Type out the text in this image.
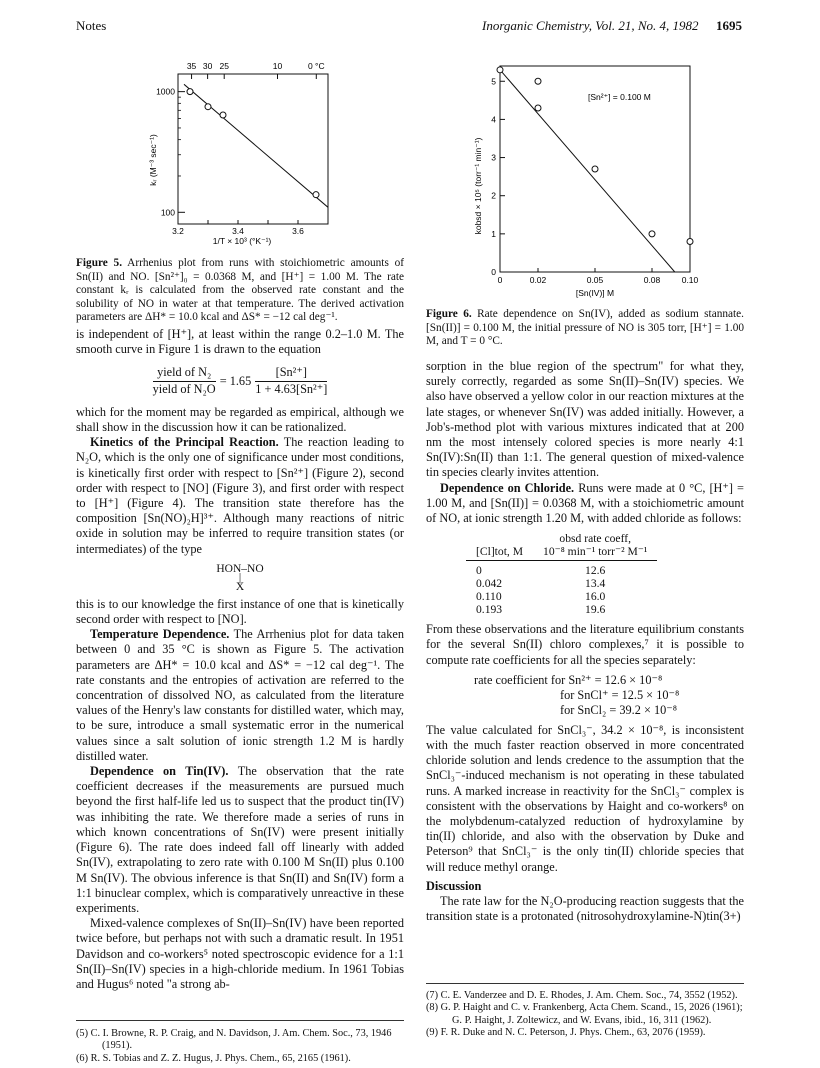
Notes	Inorganic Chemistry, Vol. 21, No. 4, 1982 1695
35 30 25	10	0 °C
100
1000
3.2	3.4	3.6
1/T × 10³ (°K⁻¹)
kᵣ (M⁻³ sec⁻¹)
Figure 5. Arrhenius plot from runs with stoichiometric amounts of Sn(II) and NO. [Sn²⁺]₀ = 0.0368 M, and [H⁺] = 1.00 M. The rate constant kᵣ is calculated from the observed rate constant and the solubility of NO in water at that temperature. The derived activation parameters are ΔH* = 10.0 kcal and ΔS* = −12 cal deg⁻¹.

is independent of [H⁺], at least within the range 0.2–1.0 M. The smooth curve in Figure 1 is drawn to the equation

yield of N₂
yield of N₂O
= 1.65
[Sn²⁺]
1 + 4.63[Sn²⁺]

which for the moment may be regarded as empirical, although we shall show in the discussion how it can be rationalized.

Kinetics of the Principal Reaction. The reaction leading to N₂O, which is the only one of significance under most conditions, is kinetically first order with respect to [Sn²⁺] (Figure 2), second order with respect to [NO] (Figure 3), and first order with respect to [H⁺] (Figure 4). The transition state therefore has the composition [Sn(NO)₂H]³⁺. Although many reactions of nitric oxide in solution may be inferred to require transition states (or intermediates) of the type

HON–NO
|
X

this is to our knowledge the first instance of one that is kinetically second order with respect to [NO].

Temperature Dependence. The Arrhenius plot for data taken between 0 and 35 °C is shown as Figure 5. The activation parameters are ΔH* = 10.0 kcal and ΔS* = −12 cal deg⁻¹. The rate constants and the entropies of activation are referred to the concentration of dissolved NO, as calculated from the literature values of the Henry's law constants for distilled water, which may, to be sure, introduce a small systematic error in the numerical values since a salt solution of ionic strength 1.2 M is hardly distilled water.

Dependence on Tin(IV). The observation that the rate coefficient decreases if the measurements are pursued much beyond the first half-life led us to suspect that the product tin(IV) was inhibiting the rate. We therefore made a series of runs in which known concentrations of Sn(IV) were present initially (Figure 6). The rate does indeed fall off linearly with added Sn(IV), extrapolating to zero rate with 0.100 M Sn(II) plus 0.100 M Sn(IV). The obvious inference is that Sn(II) and Sn(IV) form a 1:1 binuclear complex, which is comparatively unreactive in these experiments.

Mixed-valence complexes of Sn(II)–Sn(IV) have been reported twice before, but perhaps not with such a dramatic result. In 1951 Davidson and co-workers⁵ noted spectroscopic evidence for a 1:1 Sn(II)–Sn(IV) species in a high-chloride medium. In 1961 Tobias and Hugus⁶ noted "a strong ab-

(5) C. I. Browne, R. P. Craig, and N. Davidson, J. Am. Chem. Soc., 73, 1946 (1951).
(6) R. S. Tobias and Z. Z. Hugus, J. Phys. Chem., 65, 2165 (1961).
0
1
2
3
4
5
0	0.02	0.05	0.08	0.10
[Sn²⁺] = 0.100 M
[Sn(IV)] M
kobsd × 10⁵ (torr⁻¹ min⁻¹)
Figure 6. Rate dependence on Sn(IV), added as sodium stannate. [Sn(II)] = 0.100 M, the initial pressure of NO is 305 torr, [H⁺] = 1.00 M, and T = 0 °C.

sorption in the blue region of the spectrum" for what they, surely correctly, regarded as some Sn(II)–Sn(IV) species. We also have observed a yellow color in our reaction mixtures at the late stages, or whenever Sn(IV) was added initially. However, a Job's-method plot with various mixtures indicated that at 200 nm the most intensely colored species is more nearly 4:1 Sn(IV):Sn(II) than 1:1. The general question of mixed-valence tin species clearly invites attention.

Dependence on Chloride. Runs were made at 0 °C, [H⁺] = 1.00 M, and [Sn(II)] = 0.0368 M, with a stoichiometric amount of NO, at ionic strength 1.20 M, with added chloride as follows:

[Cl]tot, M	obsd rate coeff,
10⁻⁸ min⁻¹ torr⁻² M⁻¹

0	12.6
0.042	13.4
0.110	16.0
0.193	19.6

From these observations and the literature equilibrium constants for the several Sn(II) chloro complexes,⁷ it is possible to compute rate coefficients for all the species separately:

rate coefficient for Sn²⁺ = 12.6 × 10⁻⁸
for SnCl⁺ = 12.5 × 10⁻⁸
for SnCl₂ = 39.2 × 10⁻⁸

The value calculated for SnCl₃⁻, 34.2 × 10⁻⁸, is inconsistent with the much faster reaction observed in more concentrated chloride solution and lends credence to the assumption that the SnCl₃⁻-induced mechanism is not operating in these tabulated runs. A marked increase in reactivity for the SnCl₃⁻ complex is consistent with the observations by Haight and co-workers⁸ on the molybdenum-catalyzed reduction of hydroxylamine by tin(II) chloride, and also with the observation by Duke and Peterson⁹ that SnCl₃⁻ is the only tin(II) chloride species that will reduce methyl orange.

Discussion

The rate law for the N₂O-producing reaction suggests that the transition state is a protonated (nitrosohydroxylamine-N)tin(3+)

(7) C. E. Vanderzee and D. E. Rhodes, J. Am. Chem. Soc., 74, 3552 (1952).
(8) G. P. Haight and C. v. Frankenberg, Acta Chem. Scand., 15, 2026 (1961); G. P. Haight, J. Zoltewicz, and W. Evans, ibid., 16, 311 (1962).
(9) F. R. Duke and N. C. Peterson, J. Phys. Chem., 63, 2076 (1959).
